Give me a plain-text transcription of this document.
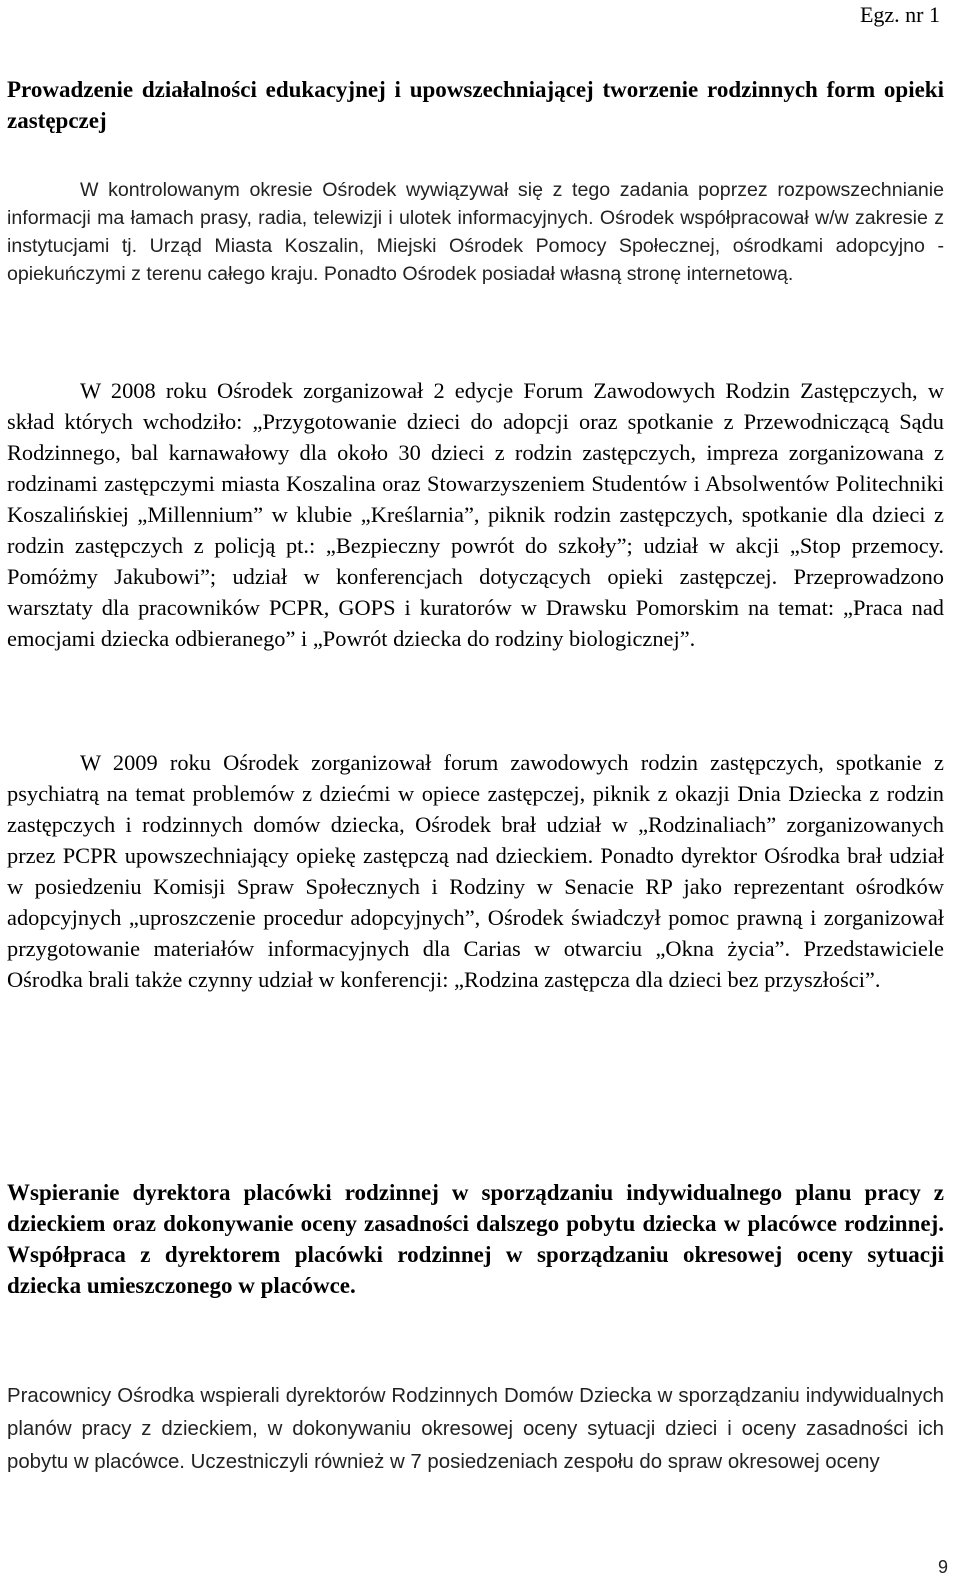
Egz. nr 1
Prowadzenie działalności edukacyjnej i upowszechniającej tworzenie rodzinnych form opieki zastępczej

W kontrolowanym okresie Ośrodek wywiązywał się z tego zadania poprzez rozpowszechnianie informacji ma łamach prasy, radia, telewizji i ulotek informacyjnych. Ośrodek współpracował w/w zakresie z instytucjami tj. Urząd Miasta Koszalin, Miejski Ośrodek Pomocy Społecznej, ośrodkami adopcyjno - opiekuńczymi z terenu całego kraju. Ponadto Ośrodek posiadał własną stronę internetową.

W 2008 roku Ośrodek zorganizował 2 edycje Forum Zawodowych Rodzin Zastępczych, w skład których wchodziło: „Przygotowanie dzieci do adopcji oraz spotkanie z Przewodniczącą Sądu Rodzinnego, bal karnawałowy dla około 30 dzieci z rodzin zastępczych, impreza zorganizowana z rodzinami zastępczymi miasta Koszalina oraz Stowarzyszeniem Studentów i Absolwentów Politechniki Koszalińskiej „Millennium” w klubie „Kreślarnia”, piknik rodzin zastępczych, spotkanie dla dzieci z rodzin zastępczych z policją pt.: „Bezpieczny powrót do szkoły”; udział w akcji „Stop przemocy. Pomóżmy Jakubowi”; udział w konferencjach dotyczących opieki zastępczej. Przeprowadzono warsztaty dla pracowników PCPR, GOPS i kuratorów w Drawsku Pomorskim na temat: „Praca nad emocjami dziecka odbieranego” i „Powrót dziecka do rodziny biologicznej”.

W 2009 roku Ośrodek zorganizował forum zawodowych rodzin zastępczych, spotkanie z psychiatrą na temat problemów z dziećmi w opiece zastępczej, piknik z okazji Dnia Dziecka z rodzin zastępczych i rodzinnych domów dziecka, Ośrodek brał udział w „Rodzinaliach” zorganizowanych przez PCPR upowszechniający opiekę zastępczą nad dzieckiem. Ponadto dyrektor Ośrodka brał udział w posiedzeniu Komisji Spraw Społecznych i Rodziny w Senacie RP jako reprezentant ośrodków adopcyjnych „uproszczenie procedur adopcyjnych”, Ośrodek świadczył pomoc prawną i zorganizował przygotowanie materiałów informacyjnych dla Carias w otwarciu „Okna życia”. Przedstawiciele Ośrodka brali także czynny udział w konferencji: „Rodzina zastępcza dla dzieci bez przyszłości”.

Wspieranie dyrektora placówki rodzinnej w sporządzaniu indywidualnego planu pracy z dzieckiem oraz dokonywanie oceny zasadności dalszego pobytu dziecka w placówce rodzinnej. Współpraca z dyrektorem placówki rodzinnej w sporządzaniu okresowej oceny sytuacji dziecka umieszczonego w placówce.

Pracownicy Ośrodka wspierali dyrektorów Rodzinnych Domów Dziecka w sporządzaniu indywidualnych planów pracy z dzieckiem, w dokonywaniu okresowej oceny sytuacji dzieci i oceny zasadności ich pobytu w placówce. Uczestniczyli również w 7 posiedzeniach zespołu do spraw okresowej oceny

9
